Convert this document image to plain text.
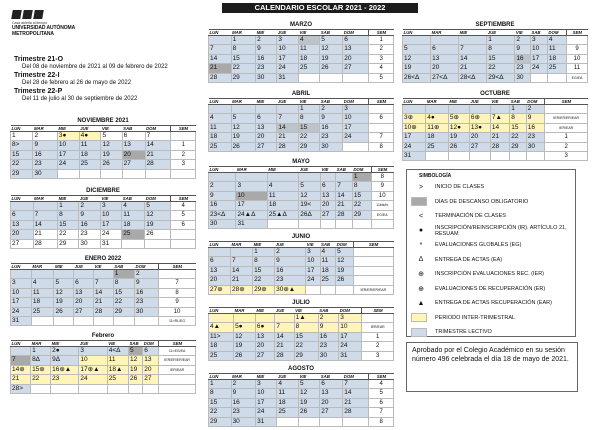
CALENDARIO ESCOLAR 2021 - 2022
Casa abierta al tiempo
UNIVERSIDAD AUTÓNOMA METROPOLITANA
Trimestre 21-O
Del 08 de noviembre de 2021 al 09 de febrero de 2022
Trimestre 22-I
Del 28 de febrero al 26 de mayo de 2022
Trimestre 22-P
Del 11 de julio al 30 de septiembre de 2022
NOVIEMBRE 2021
LUN	MAR	MIE	JUE	VIE	SAB	DOM	SEM
1	2	3●	4●	5	6	7	
8>	9	10	11	12	13	14	1
15	16	17	18	19	20	21	2
22	23	24	25	26	27	28	3
29	30						
DICIEMBRE
LUN	MAR	MIE	JUE	VIE	SAB	DOM	SEM
		1	2	3	4	5	4
6	7	8	9	10	11	12	5
13	14	15	16	17	18	19	6
20	21	22	23	24	25	26	
27	28	29	30	31			
ENERO 2022
LUN	MAR	MIE	JUE	VIE	SAB	DOM	SEM
					1	2	
3	4	5	6	7	8	9	7
10	11	12	13	14	15	16	8
17	18	19	20	21	22	23	9
24	25	26	27	28	29	30	10
31							11<RL/EG
Febrero
LUN	MAR	MIE	JUE	VIE	SAB	DOM	SEM
	1	2●	3	4<Δ	5	6	11<EG/EA
7	8Δ	9Δ	10	11	12	13	IER/ER/ER/EAR
14⊕	15⊕	16⊕▲	17⊕▲	18▲	19	20	IER/EAR
21	22	23	24	25	26	27	
28>							
MARZO
LUN	MAR	MIE	JUE	VIE	SAB	DOM	SEM
	1	2	3	4	5	6	1
7	8	9	10	11	12	13	2
14	15	16	17	18	19	20	3
21	22	23	24	25	26	27	4
28	29	30	31				5
ABRIL
LUN	MAR	MIE	JUE	VIE	SAB	DOM	SEM
				1	2	3	
4	5	6	7	8	9	10	6
11	12	13	14	15	16	17	
18	19	20	21	22	23	24	7
25	26	27	28	29	30		8
MAYO
LUN	MAR	MIE	JUE	VIE	SAB	DOM	SEM
						1	8
2	3	4	5	6	7	8	9
9	10	11	12	13	14	15	10
16	17	18	19<	20	21	22	11bis/fo
23<Δ	24▲Δ	25▲Δ	26Δ	27	28	29	EG/EA
30	31						
JUNIO
LUN	MAR	MIE	JUE	VIE	SAB	DOM	SEM
		1	2	3	4	5	
6	7	8	9	10	11	12	
13	14	15	16	17	18	19	
20	21	22	23	24	25	26	
27⊕	28⊕	29⊕	30⊕▲				IER/ER/ER/EAR
JULIO
LUN	MAR	MIE	JUE	VIE	SAB	DOM	SEM
				1▲	2	3	
4▲	5●	6●	7	8	9	10	IER/EAR
11>	12	13	14	15	16	17	1
18	19	20	21	22	23	24	2
25	26	27	28	29	30	31	3
AGOSTO
LUN	MAR	MIE	JUE	VIE	SAB	DOM	SEM
1	2	3	4	5	6	7	4
8	9	10	11	12	13	14	5
15	16	17	18	19	20	21	6
22	23	24	25	26	27	28	7
29	30	31					8
SEPTIEMBRE
LUN	MAR	MIE	JUE	VIE	SAB	DOM	SEM
			1	2	3	4	
5	6	7	8	9	10	11	9
12	13	14	15	16	17	18	10
19	20	21	22	23	24	25	11
26<Δ	27<Δ	28<Δ	29<Δ	30			EG/EA
OCTUBRE
LUN	MAR	MIE	JUE	VIE	SAB	DOM	SEM
					1	2	
3⊕	4●	5⊕	6⊕	7▲	8	9	IER/ER/ER/EAR
10⊕	11⊕	12●	13●	14	15	16	IER/EAR
17	18	19	20	21	22	23	1
24	25	26	27	28	29	30	2
31							3
SIMBOLOGÍA
>	INICIO DE CLASES
DÍAS DE DESCANSO OBLIGATORIO
<	TERMINACIÓN DE CLASES
●	INSCRIPCIÓN/REINSCRIPCIÓN (IR). ARTÍCULO 21, RESUAM
*	EVALUACIONES GLOBALES (EG)
Δ	ENTREGA DE ACTAS (EA)
⊕	INSCRIPCIÓN EVALUACIONES REC. (IER)
⊕	EVALUACIONES DE RECUPERACIÓN (ER)
▲	ENTREGA DE ACTAS RECUPERACIÓN (EAR)
PERIODO INTER-TRIMESTRAL
TRIMESTRE LECTIVO
Aprobado por el Colegio Académico en su sesión número 496 celebrada el día 18 de mayo de 2021.
